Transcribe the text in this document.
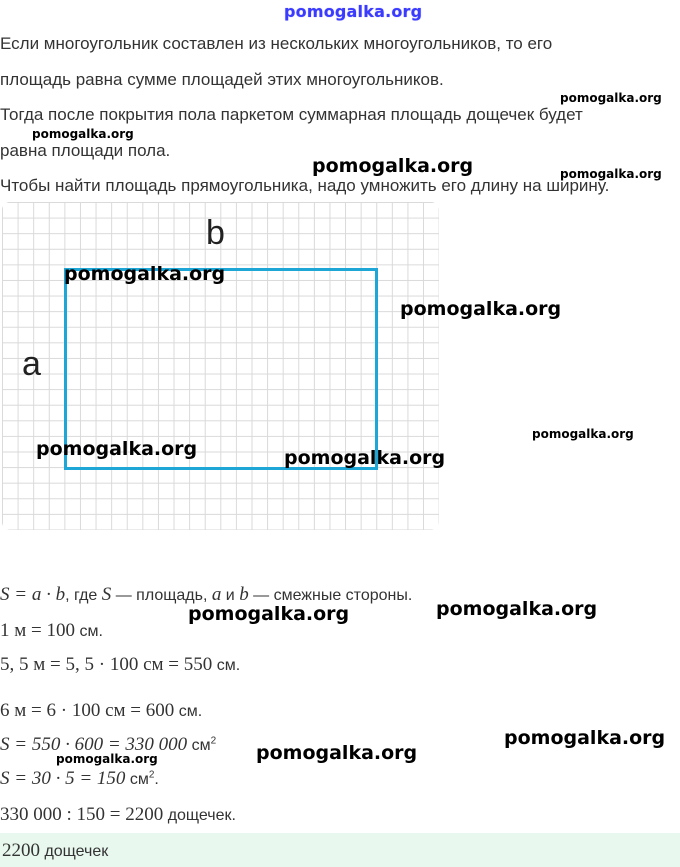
pomogalka.org
Если многоугольник составлен из нескольких многоугольников, то его
площадь равна сумме площадей этих многоугольников.
Тогда после покрытия пола паркетом суммарная площадь дощечек будет
равна площади пола.
Чтобы найти площадь прямоугольника, надо умножить его длину на ширину.
b
a
S = a · b, где S — площадь, a и b — смежные стороны.
1 м = 100 см.
5, 5 м = 5, 5 · 100 см = 550 см.
6 м = 6 · 100 см = 600 см.
S = 550 · 600 = 330 000 $см^2$
S = 30 · 5 = 150 $см^2$.
330 000 : 150 = 2200 дощечек.
2200 дощечек
pomogalka.org
pomogalka.org
pomogalka.org	pomogalka.org
pomogalka.org
pomogalka.org
pomogalka.org
pomogalka.org	pomogalka.org
pomogalka.org
pomogalka.org
pomogalka.org
pomogalka.org
pomogalka.org
